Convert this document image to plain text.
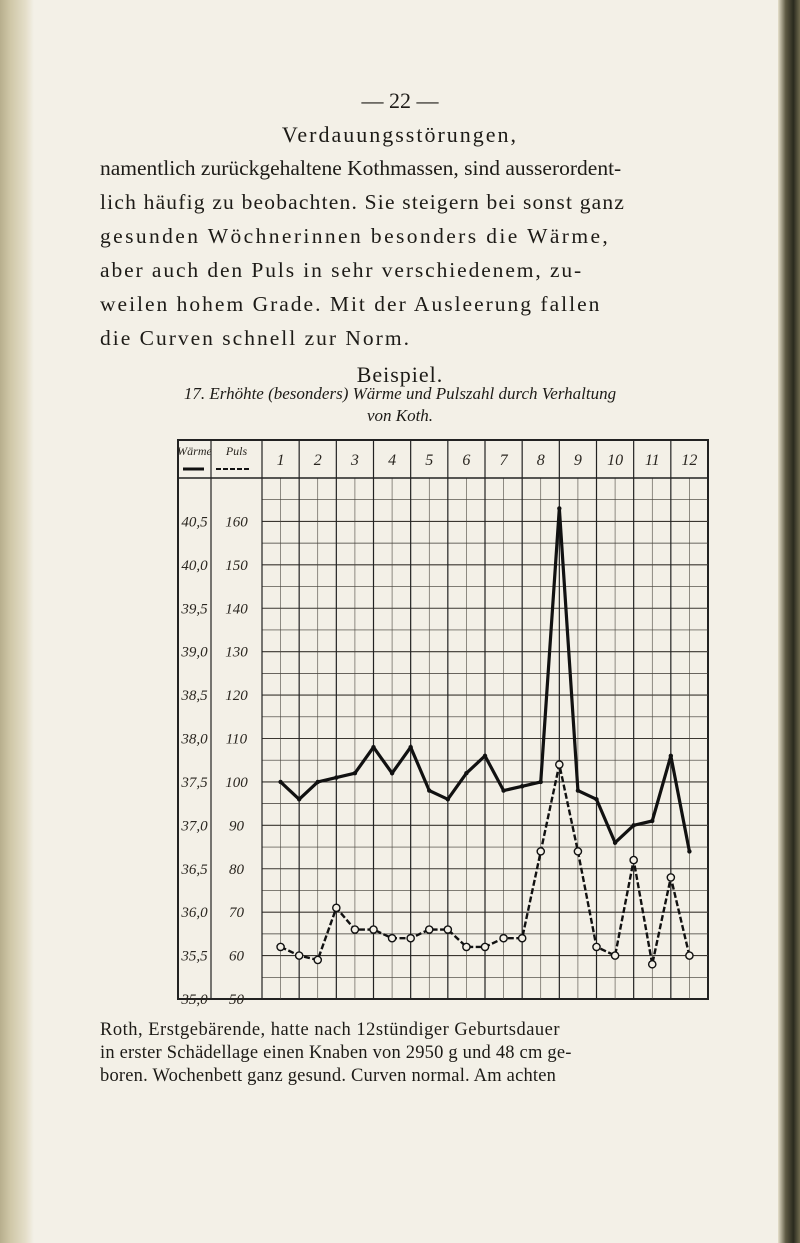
— 22 —
Verdauungsstörungen,
namentlich zurückgehaltene Kothmassen, sind ausserordent-
lich häufig zu beobachten. Sie steigern bei sonst ganz
gesunden Wöchnerinnen besonders die Wärme,
aber auch den Puls in sehr verschiedenem, zu-
weilen hohem Grade. Mit der Ausleerung fallen
die Curven schnell zur Norm.
Beispiel.
17. Erhöhte (besonders) Wärme und Pulszahl durch Verhaltung
von Koth.
Wärme Puls
1 2 3 4 5 6 7 8 9 10 11 12
40,5
40,0
39,5
39,0
38,5
38,0
37,5
37,0
36,5
36,0
35,5
35,0
160
150
140
130
120
110
100
90
80
70
60
50
Roth, Erstgebärende, hatte nach 12stündiger Geburtsdauer
in erster Schädellage einen Knaben von 2950 g und 48 cm ge-
boren. Wochenbett ganz gesund. Curven normal. Am achten
